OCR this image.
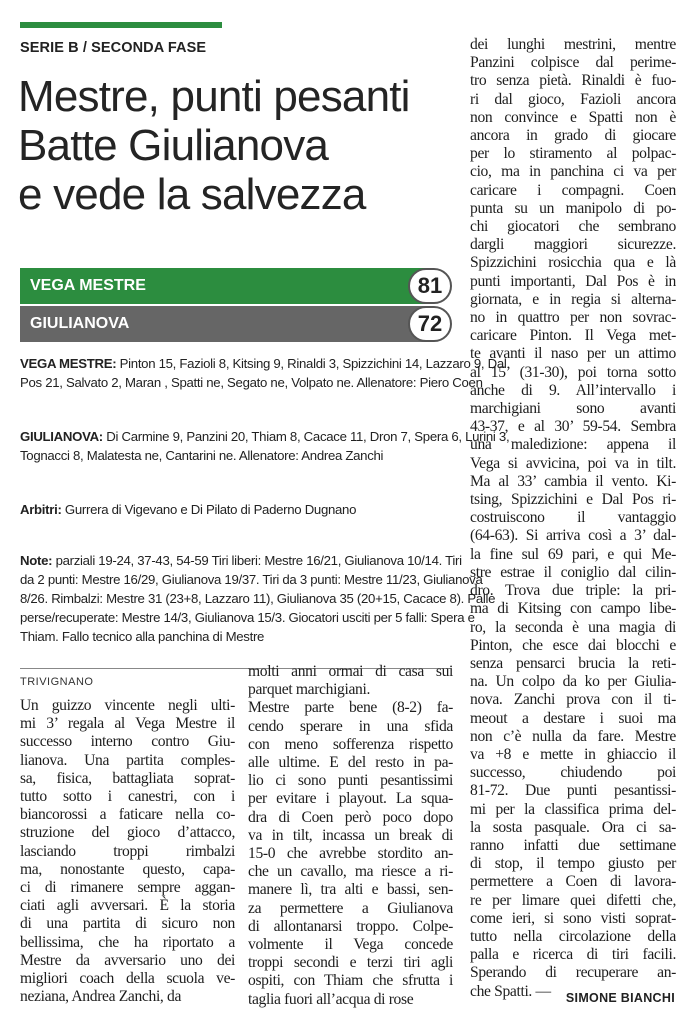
SERIE B / SECONDA FASE
Mestre, punti pesanti
Batte Giulianova
e vede la salvezza
VEGA MESTRE	81
GIULIANOVA	72
VEGA MESTRE: Pinton 15, Fazioli 8, Kitsing 9, Rinaldi 3, Spizzichini 14, Lazzaro 9, Dal
Pos 21, Salvato 2, Maran , Spatti ne, Segato ne, Volpato ne. Allenatore: Piero Coen
GIULIANOVA: Di Carmine 9, Panzini 20, Thiam 8, Cacace 11, Dron 7, Spera 6, Lurini 3,
Tognacci 8, Malatesta ne, Cantarini ne. Allenatore: Andrea Zanchi
Arbitri: Gurrera di Vigevano e Di Pilato di Paderno Dugnano
Note: parziali 19-24, 37-43, 54-59 Tiri liberi: Mestre 16/21, Giulianova 10/14. Tiri
da 2 punti: Mestre 16/29, Giulianova 19/37. Tiri da 3 punti: Mestre 11/23, Giulianova
8/26. Rimbalzi: Mestre 31 (23+8, Lazzaro 11), Giulianova 35 (20+15, Cacace 8). Palle
perse/recuperate: Mestre 14/3, Giulianova 15/3. Giocatori usciti per 5 falli: Spera e
Thiam. Fallo tecnico alla panchina di Mestre
TRIVIGNANO
Un guizzo vincente negli ulti-
mi 3’ regala al Vega Mestre il
successo interno contro Giu-
lianova. Una partita comples-
sa, fisica, battagliata soprat-
tutto sotto i canestri, con i
biancorossi a faticare nella co-
struzione del gioco d’attacco,
lasciando troppi rimbalzi
ma, nonostante questo, capa-
ci di rimanere sempre aggan-
ciati agli avversari. È la storia
di una partita di sicuro non
bellissima, che ha riportato a
Mestre da avversario uno dei
migliori coach della scuola ve-
neziana, Andrea Zanchi, da
molti anni ormai di casa sui
parquet marchigiani.
Mestre parte bene (8-2) fa-
cendo sperare in una sfida
con meno sofferenza rispetto
alle ultime. E del resto in pa-
lio ci sono punti pesantissimi
per evitare i playout. La squa-
dra di Coen però poco dopo
va in tilt, incassa un break di
15-0 che avrebbe stordito an-
che un cavallo, ma riesce a ri-
manere lì, tra alti e bassi, sen-
za permettere a Giulianova
di allontanarsi troppo. Colpe-
volmente il Vega concede
troppi secondi e terzi tiri agli
ospiti, con Thiam che sfrutta i
taglia fuori all’acqua di rose
dei lunghi mestrini, mentre
Panzini colpisce dal perime-
tro senza pietà. Rinaldi è fuo-
ri dal gioco, Fazioli ancora
non convince e Spatti non è
ancora in grado di giocare
per lo stiramento al polpac-
cio, ma in panchina ci va per
caricare i compagni. Coen
punta su un manipolo di po-
chi giocatori che sembrano
dargli maggiori sicurezze.
Spizzichini rosicchia qua e là
punti importanti, Dal Pos è in
giornata, e in regia si alterna-
no in quattro per non sovrac-
caricare Pinton. Il Vega met-
te avanti il naso per un attimo
al 15’ (31-30), poi torna sotto
anche di 9. All’intervallo i
marchigiani sono avanti
43-37, e al 30’ 59-54. Sembra
una maledizione: appena il
Vega si avvicina, poi va in tilt.
Ma al 33’ cambia il vento. Ki-
tsing, Spizzichini e Dal Pos ri-
costruiscono il vantaggio
(64-63). Si arriva così a 3’ dal-
la fine sul 69 pari, e qui Me-
stre estrae il coniglio dal cilin-
dro. Trova due triple: la pri-
ma di Kitsing con campo libe-
ro, la seconda è una magia di
Pinton, che esce dai blocchi e
senza pensarci brucia la reti-
na. Un colpo da ko per Giulia-
nova. Zanchi prova con il ti-
meout a destare i suoi ma
non c’è nulla da fare. Mestre
va +8 e mette in ghiaccio il
successo, chiudendo poi
81-72. Due punti pesantissi-
mi per la classifica prima del-
la sosta pasquale. Ora ci sa-
ranno infatti due settimane
di stop, il tempo giusto per
permettere a Coen di lavora-
re per limare quei difetti che,
come ieri, si sono visti soprat-
tutto nella circolazione della
palla e ricerca di tiri facili.
Sperando di recuperare an-
che Spatti. —	SIMONE BIANCHI
